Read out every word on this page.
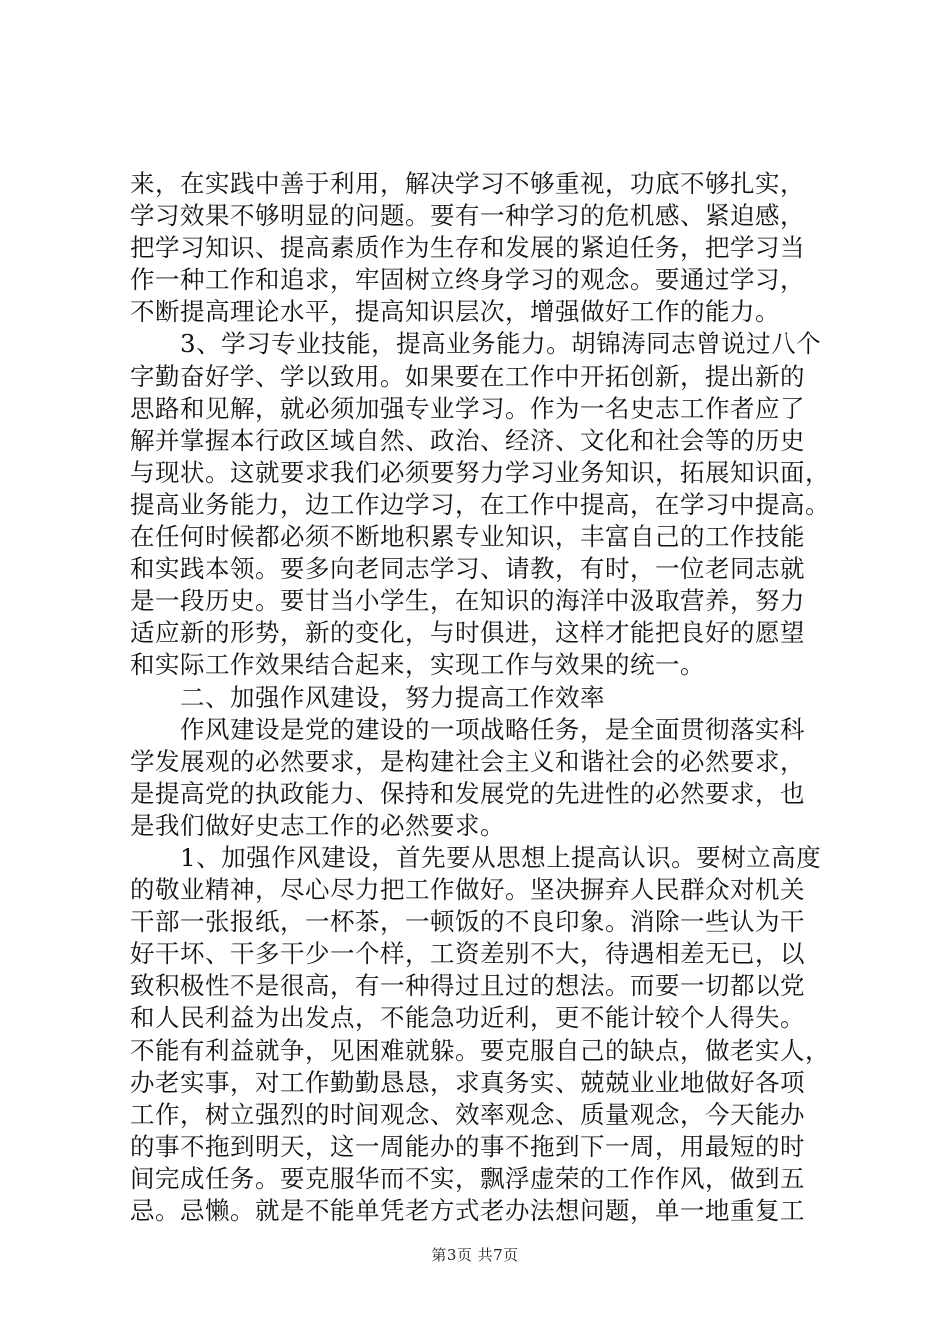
来，在实践中善于利用，解决学习不够重视，功底不够扎实，
学习效果不够明显的问题。要有一种学习的危机感、紧迫感，
把学习知识、提高素质作为生存和发展的紧迫任务，把学习当
作一种工作和追求，牢固树立终身学习的观念。要通过学习，
不断提高理论水平，提高知识层次，增强做好工作的能力。
　　3、学习专业技能，提高业务能力。胡锦涛同志曾说过八个
字勤奋好学、学以致用。如果要在工作中开拓创新，提出新的
思路和见解，就必须加强专业学习。作为一名史志工作者应了
解并掌握本行政区域自然、政治、经济、文化和社会等的历史
与现状。这就要求我们必须要努力学习业务知识，拓展知识面，
提高业务能力，边工作边学习，在工作中提高，在学习中提高。
在任何时候都必须不断地积累专业知识，丰富自己的工作技能
和实践本领。要多向老同志学习、请教，有时，一位老同志就
是一段历史。要甘当小学生，在知识的海洋中汲取营养，努力
适应新的形势，新的变化，与时俱进，这样才能把良好的愿望
和实际工作效果结合起来，实现工作与效果的统一。
　　二、加强作风建设，努力提高工作效率
　　作风建设是党的建设的一项战略任务，是全面贯彻落实科
学发展观的必然要求，是构建社会主义和谐社会的必然要求，
是提高党的执政能力、保持和发展党的先进性的必然要求，也
是我们做好史志工作的必然要求。
　　1、加强作风建设，首先要从思想上提高认识。要树立高度
的敬业精神，尽心尽力把工作做好。坚决摒弃人民群众对机关
干部一张报纸，一杯茶，一顿饭的不良印象。消除一些认为干
好干坏、干多干少一个样，工资差别不大，待遇相差无已，以
致积极性不是很高，有一种得过且过的想法。而要一切都以党
和人民利益为出发点，不能急功近利，更不能计较个人得失。
不能有利益就争，见困难就躲。要克服自己的缺点，做老实人，
办老实事，对工作勤勤恳恳，求真务实、兢兢业业地做好各项
工作，树立强烈的时间观念、效率观念、质量观念，今天能办
的事不拖到明天，这一周能办的事不拖到下一周，用最短的时
间完成任务。要克服华而不实，飘浮虚荣的工作作风，做到五
忌。忌懒。就是不能单凭老方式老办法想问题，单一地重复工
第3页 共7页
